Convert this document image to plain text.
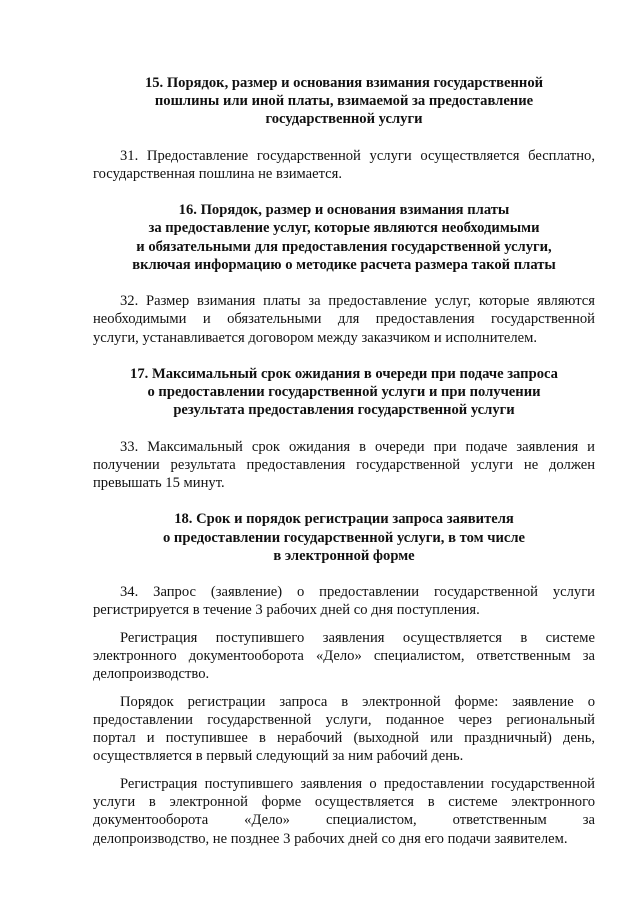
15. Порядок, размер и основания взимания государственной
пошлины или иной платы, взимаемой за предоставление
государственной услуги
31. Предоставление государственной услуги осуществляется бесплатно,
государственная пошлина не взимается.
16. Порядок, размер и основания взимания платы
за предоставление услуг, которые являются необходимыми
и обязательными для предоставления государственной услуги,
включая информацию о методике расчета размера такой платы
32. Размер взимания платы за предоставление услуг, которые являются
необходимыми и обязательными для предоставления государственной
услуги, устанавливается договором между заказчиком и исполнителем.
17. Максимальный срок ожидания в очереди при подаче запроса
о предоставлении государственной услуги и при получении
результата предоставления государственной услуги
33. Максимальный срок ожидания в очереди при подаче заявления и
получении результата предоставления государственной услуги не должен
превышать 15 минут.
18. Срок и порядок регистрации запроса заявителя
о предоставлении государственной услуги, в том числе
в электронной форме
34. Запрос (заявление) о предоставлении государственной услуги
регистрируется в течение 3 рабочих дней со дня поступления.
Регистрация поступившего заявления осуществляется в системе
электронного документооборота «Дело» специалистом, ответственным за
делопроизводство.
Порядок регистрации запроса в электронной форме: заявление о
предоставлении государственной услуги, поданное через региональный
портал и поступившее в нерабочий (выходной или праздничный) день,
осуществляется в первый следующий за ним рабочий день.
Регистрация поступившего заявления о предоставлении государственной
услуги в электронной форме осуществляется в системе электронного
документооборота «Дело» специалистом, ответственным за
делопроизводство, не позднее 3 рабочих дней со дня его подачи заявителем.
